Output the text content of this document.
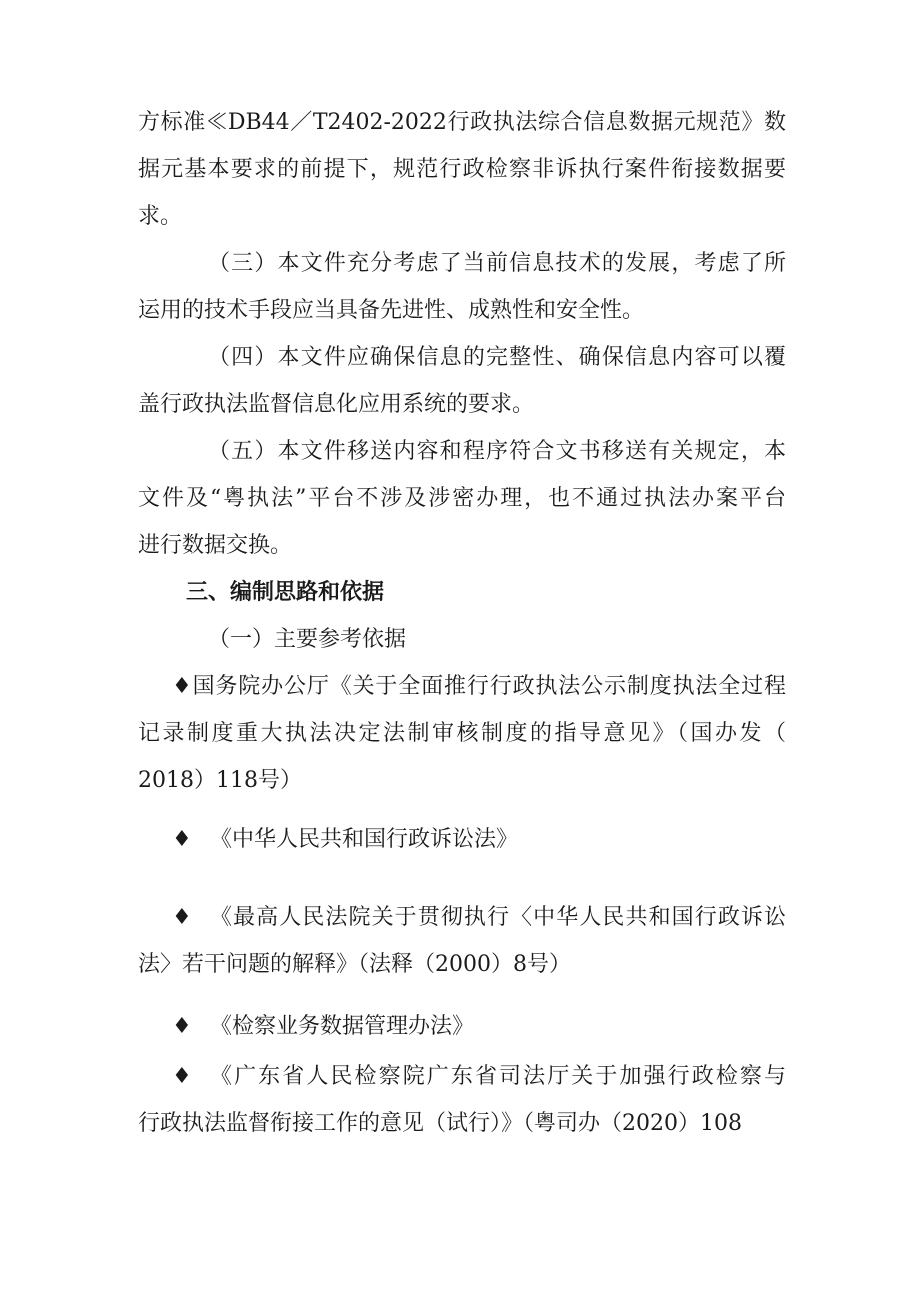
方标准≪DB44／T2402-2022行政执法综合信息数据元规范》数
据元基本要求的前提下，规范行政检察非诉执行案件衔接数据要
求。
（三）本文件充分考虑了当前信息技术的发展，考虑了所
运用的技术手段应当具备先进性、成熟性和安全性。
（四）本文件应确保信息的完整性、确保信息内容可以覆
盖行政执法监督信息化应用系统的要求。
（五）本文件移送内容和程序符合文书移送有关规定，本
文件及“粤执法”平台不涉及涉密办理，也不通过执法办案平台
进行数据交换。
三、编制思路和依据
（一）主要参考依据
♦国务院办公厅《关于全面推行行政执法公示制度执法全过程
记录制度重大执法决定法制审核制度的指导意见》（国办发（
2018）118号）
♦ 《中华人民共和国行政诉讼法》
♦ 《最高人民法院关于贯彻执行〈中华人民共和国行政诉讼
法〉若干问题的解释》（法释（2000）8号）
♦ 《检察业务数据管理办法》
♦ 《广东省人民检察院广东省司法厅关于加强行政检察与
行政执法监督衔接工作的意见（试行）》（粤司办（2020）108
